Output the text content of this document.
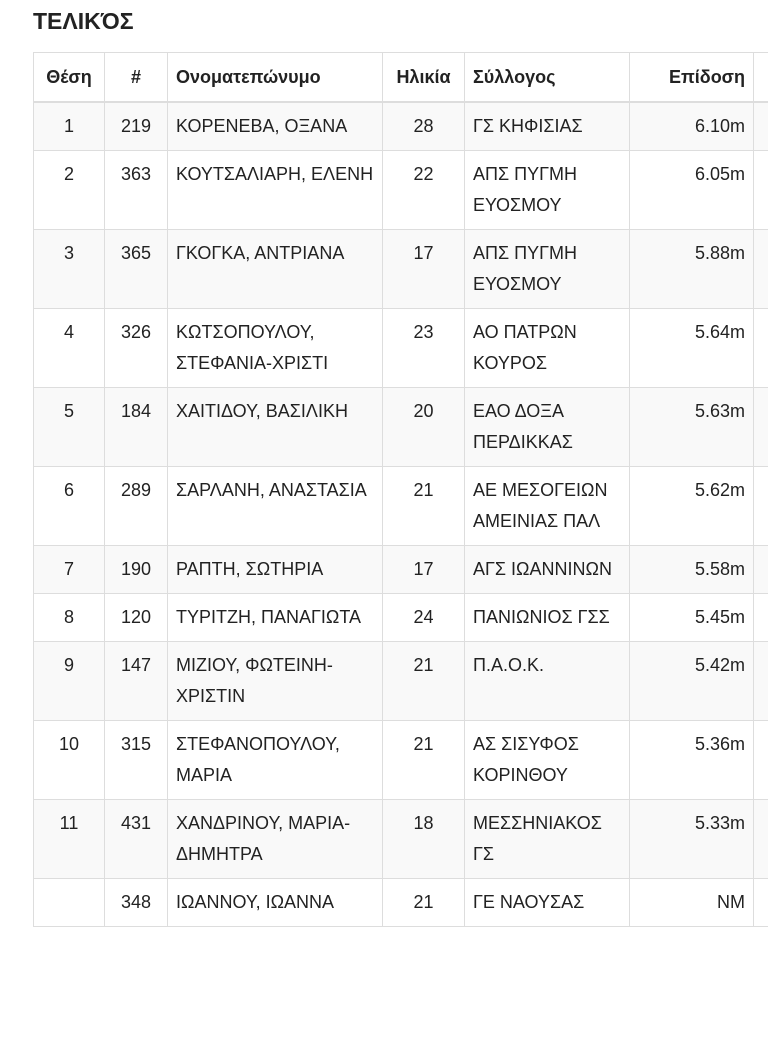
ΤΕΛΙΚΌΣ
Θέση	#	Ονοματεπώνυμο	Ηλικία	Σύλλογος	Επίδοση	
1	219	ΚΟΡΕΝΕΒΑ, ΟΞΑΝΑ	28	ΓΣ ΚΗΦΙΣΙΑΣ	6.10m	
2	363	ΚΟΥΤΣΑΛΙΑΡΗ, ΕΛΕΝΗ	22	ΑΠΣ ΠΥΓΜΗ ΕΥΟΣΜΟΥ	6.05m	
3	365	ΓΚΟΓΚΑ, ΑΝΤΡΙΑΝΑ	17	ΑΠΣ ΠΥΓΜΗ ΕΥΟΣΜΟΥ	5.88m	
4	326	ΚΩΤΣΟΠΟΥΛΟΥ, ΣΤΕΦΑΝΙΑ-ΧΡΙΣΤΙ	23	ΑΟ ΠΑΤΡΩΝ ΚΟΥΡΟΣ	5.64m	
5	184	ΧΑΙΤΙΔΟΥ, ΒΑΣΙΛΙΚΗ	20	ΕΑΟ ΔΟΞΑ ΠΕΡΔΙΚΚΑΣ	5.63m	
6	289	ΣΑΡΛΑΝΗ, ΑΝΑΣΤΑΣΙΑ	21	ΑΕ ΜΕΣΟΓΕΙΩΝ ΑΜΕΙΝΙΑΣ ΠΑΛ	5.62m	
7	190	ΡΑΠΤΗ, ΣΩΤΗΡΙΑ	17	ΑΓΣ ΙΩΑΝΝΙΝΩΝ	5.58m	
8	120	ΤΥΡΙΤΖΗ, ΠΑΝΑΓΙΩΤΑ	24	ΠΑΝΙΩΝΙΟΣ ΓΣΣ	5.45m	
9	147	ΜΙΖΙΟΥ, ΦΩΤΕΙΝΗ-ΧΡΙΣΤΙΝ	21	Π.Α.Ο.Κ.	5.42m	
10	315	ΣΤΕΦΑΝΟΠΟΥΛΟΥ, ΜΑΡΙΑ	21	ΑΣ ΣΙΣΥΦΟΣ ΚΟΡΙΝΘΟΥ	5.36m	
11	431	ΧΑΝΔΡΙΝΟΥ, ΜΑΡΙΑ-ΔΗΜΗΤΡΑ	18	ΜΕΣΣΗΝΙΑΚΟΣ ΓΣ	5.33m	
	348	ΙΩΑΝΝΟΥ, ΙΩΑΝΝΑ	21	ΓΕ ΝΑΟΥΣΑΣ	NM	
